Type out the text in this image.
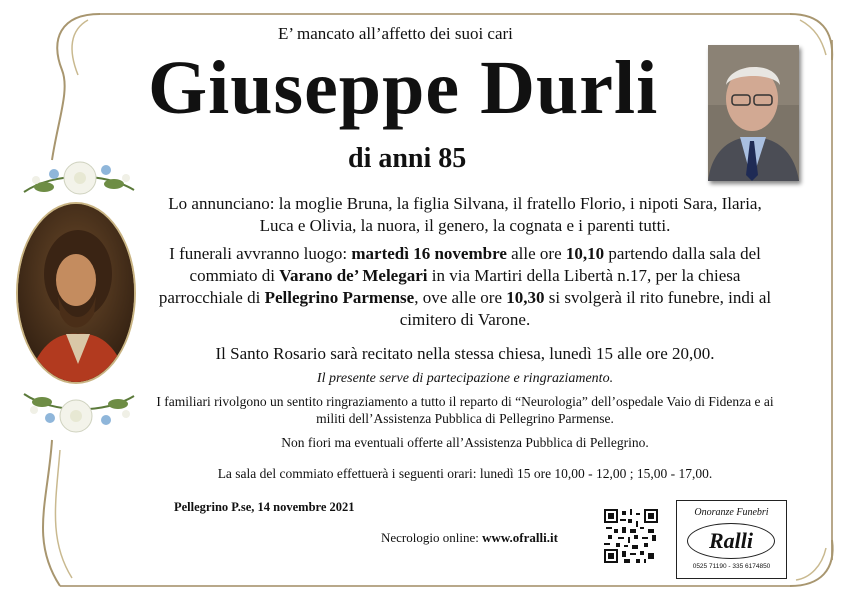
E’ mancato all’affetto dei suoi cari
Giuseppe Durli
di anni 85
Lo annunciano: la moglie Bruna, la figlia Silvana, il fratello Florio, i nipoti Sara, Ilaria, Luca e Olivia, la nuora, il genero, la cognata e i parenti tutti.
I funerali avvranno luogo: martedì 16 novembre alle ore 10,10 partendo dalla sala del commiato di Varano de’ Melegari in via Martiri della Libertà n.17, per la chiesa parrocchiale di Pellegrino Parmense, ove alle ore 10,30 si svolgerà il rito funebre, indi al cimitero di Varone.
Il Santo Rosario sarà recitato nella stessa chiesa, lunedì 15 alle ore 20,00.
Il presente serve di partecipazione e ringraziamento.
I familiari rivolgono un sentito ringraziamento a tutto il reparto di “Neurologia” dell’ospedale Vaio di Fidenza e ai militi dell’Assistenza Pubblica di Pellegrino Parmense.
Non fiori ma eventuali offerte all’Assistenza Pubblica di Pellegrino.
La sala del commiato effettuerà i seguenti orari: lunedì 15 ore 10,00 - 12,00 ; 15,00 - 17,00.
Pellegrino P.se, 14 novembre 2021
Necrologio online: www.ofralli.it
Onoranze Funebri
Ralli
0525 71190 - 335 6174850
